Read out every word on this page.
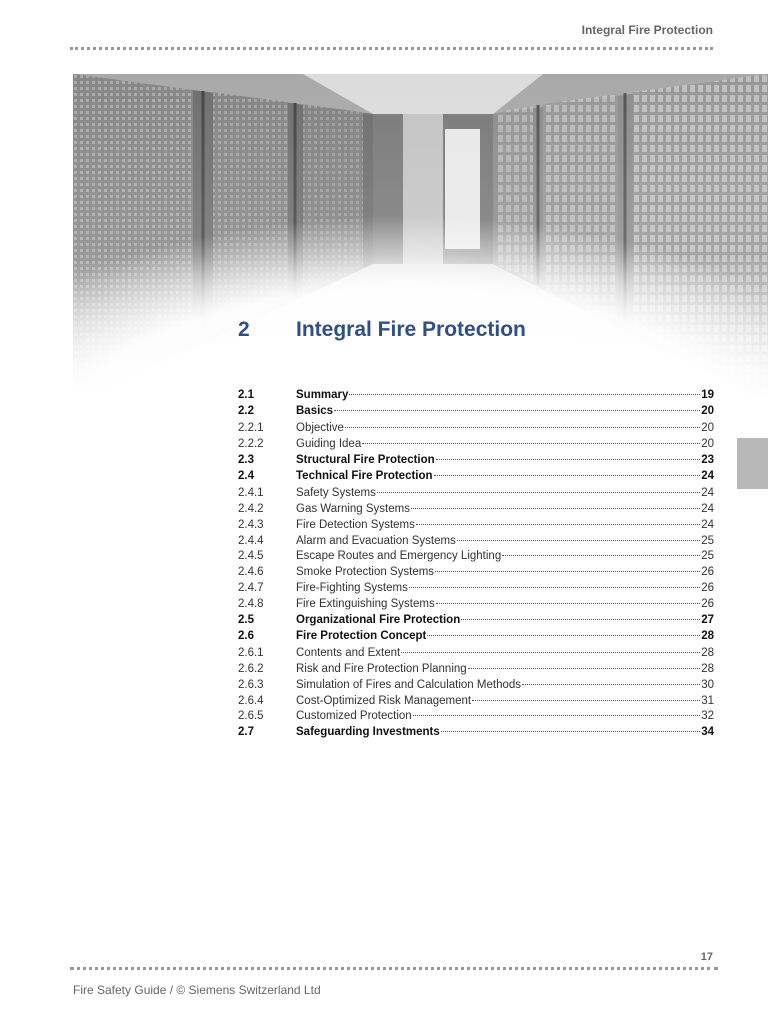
Integral Fire Protection
2 Integral Fire Protection
2.1	Summary	19
2.2	Basics	20
2.2.1	Objective	20
2.2.2	Guiding Idea	20
2.3	Structural Fire Protection	23
2.4	Technical Fire Protection	24
2.4.1	Safety Systems	24
2.4.2	Gas Warning Systems	24
2.4.3	Fire Detection Systems	24
2.4.4	Alarm and Evacuation Systems	25
2.4.5	Escape Routes and Emergency Lighting	25
2.4.6	Smoke Protection Systems	26
2.4.7	Fire-Fighting Systems	26
2.4.8	Fire Extinguishing Systems	26
2.5	Organizational Fire Protection	27
2.6	Fire Protection Concept	28
2.6.1	Contents and Extent	28
2.6.2	Risk and Fire Protection Planning	28
2.6.3	Simulation of Fires and Calculation Methods	30
2.6.4	Cost-Optimized Risk Management	31
2.6.5	Customized Protection	32
2.7	Safeguarding Investments	34
17
Fire Safety Guide / © Siemens Switzerland Ltd
